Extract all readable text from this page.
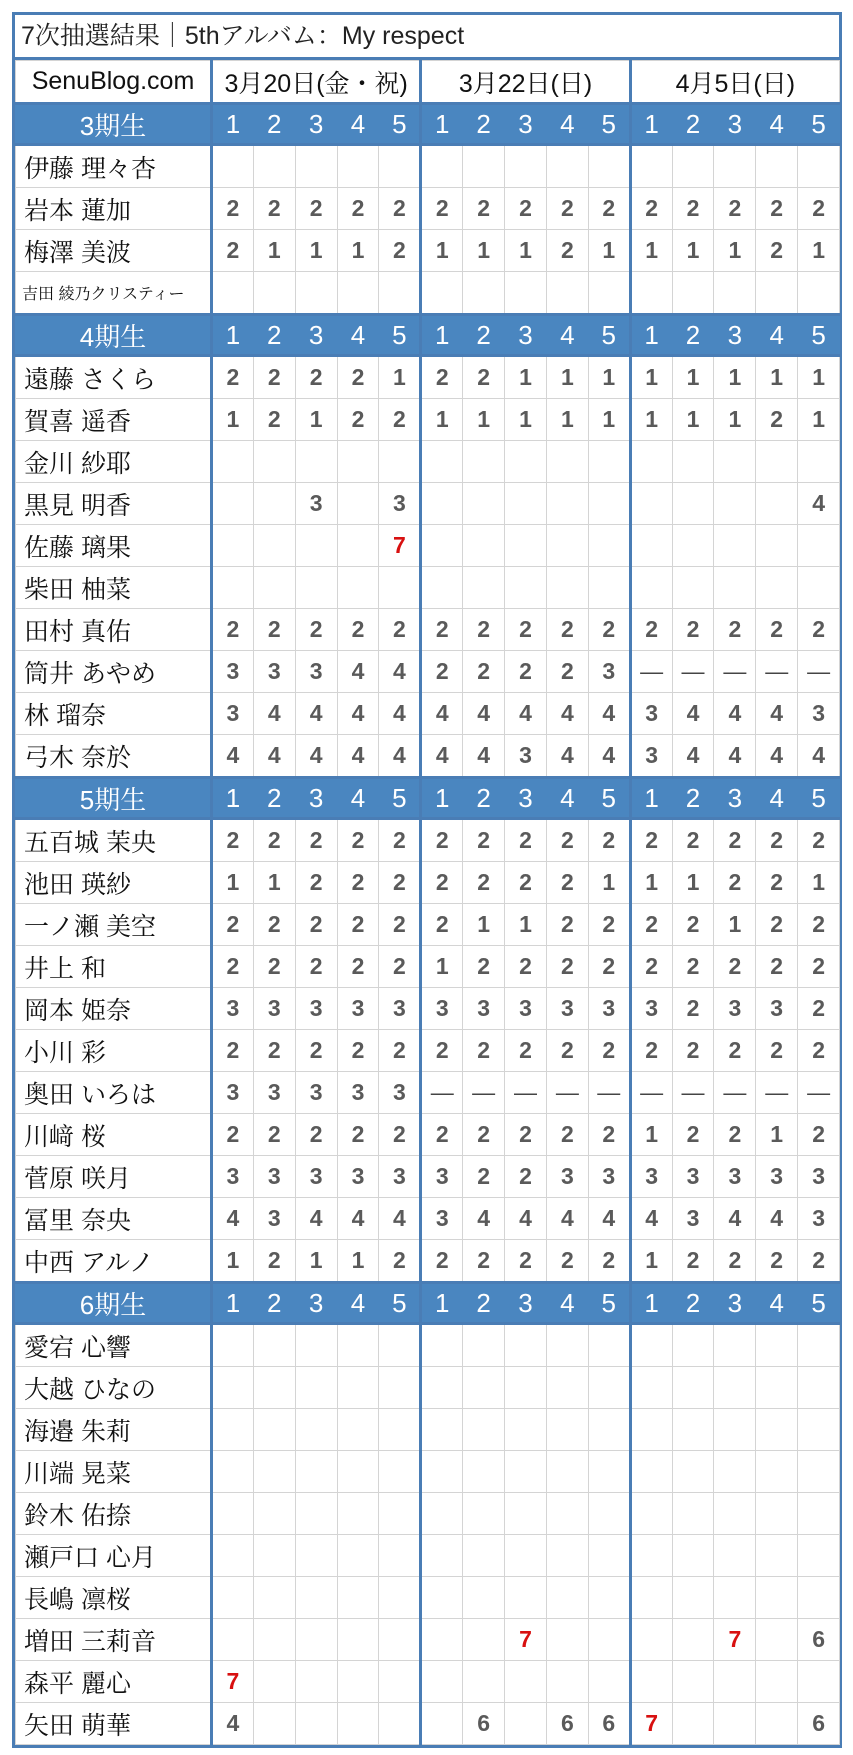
7次抽選結果｜5thアルバム：My respect
SenuBlog.com	3月20日(金・祝)					3月22日(日)					4月5日(日)				
3期生	1	2	3	4	5	1	2	3	4	5	1	2	3	4	5
伊藤 理々杏															
岩本 蓮加	2	2	2	2	2	2	2	2	2	2	2	2	2	2	2
梅澤 美波	2	1	1	1	2	1	1	1	2	1	1	1	1	2	1
吉田 綾乃クリスティー															
4期生	1	2	3	4	5	1	2	3	4	5	1	2	3	4	5
遠藤 さくら	2	2	2	2	1	2	2	1	1	1	1	1	1	1	1
賀喜 遥香	1	2	1	2	2	1	1	1	1	1	1	1	1	2	1
金川 紗耶															
黒見 明香			3		3										4
佐藤 璃果					7										
柴田 柚菜															
田村 真佑	2	2	2	2	2	2	2	2	2	2	2	2	2	2	2
筒井 あやめ	3	3	3	4	4	2	2	2	2	3	—	—	—	—	—
林 瑠奈	3	4	4	4	4	4	4	4	4	4	3	4	4	4	3
弓木 奈於	4	4	4	4	4	4	4	3	4	4	3	4	4	4	4
5期生	1	2	3	4	5	1	2	3	4	5	1	2	3	4	5
五百城 茉央	2	2	2	2	2	2	2	2	2	2	2	2	2	2	2
池田 瑛紗	1	1	2	2	2	2	2	2	2	1	1	1	2	2	1
一ノ瀬 美空	2	2	2	2	2	2	1	1	2	2	2	2	1	2	2
井上 和	2	2	2	2	2	1	2	2	2	2	2	2	2	2	2
岡本 姫奈	3	3	3	3	3	3	3	3	3	3	3	2	3	3	2
小川 彩	2	2	2	2	2	2	2	2	2	2	2	2	2	2	2
奥田 いろは	3	3	3	3	3	—	—	—	—	—	—	—	—	—	—
川﨑 桜	2	2	2	2	2	2	2	2	2	2	1	2	2	1	2
菅原 咲月	3	3	3	3	3	3	2	2	3	3	3	3	3	3	3
冨里 奈央	4	3	4	4	4	3	4	4	4	4	4	3	4	4	3
中西 アルノ	1	2	1	1	2	2	2	2	2	2	1	2	2	2	2
6期生	1	2	3	4	5	1	2	3	4	5	1	2	3	4	5
愛宕 心響															
大越 ひなの															
海邉 朱莉															
川端 晃菜															
鈴木 佑捺															
瀬戸口 心月															
長嶋 凛桜															
増田 三莉音								7					7		6
森平 麗心	7														
矢田 萌華	4						6		6	6	7				6
